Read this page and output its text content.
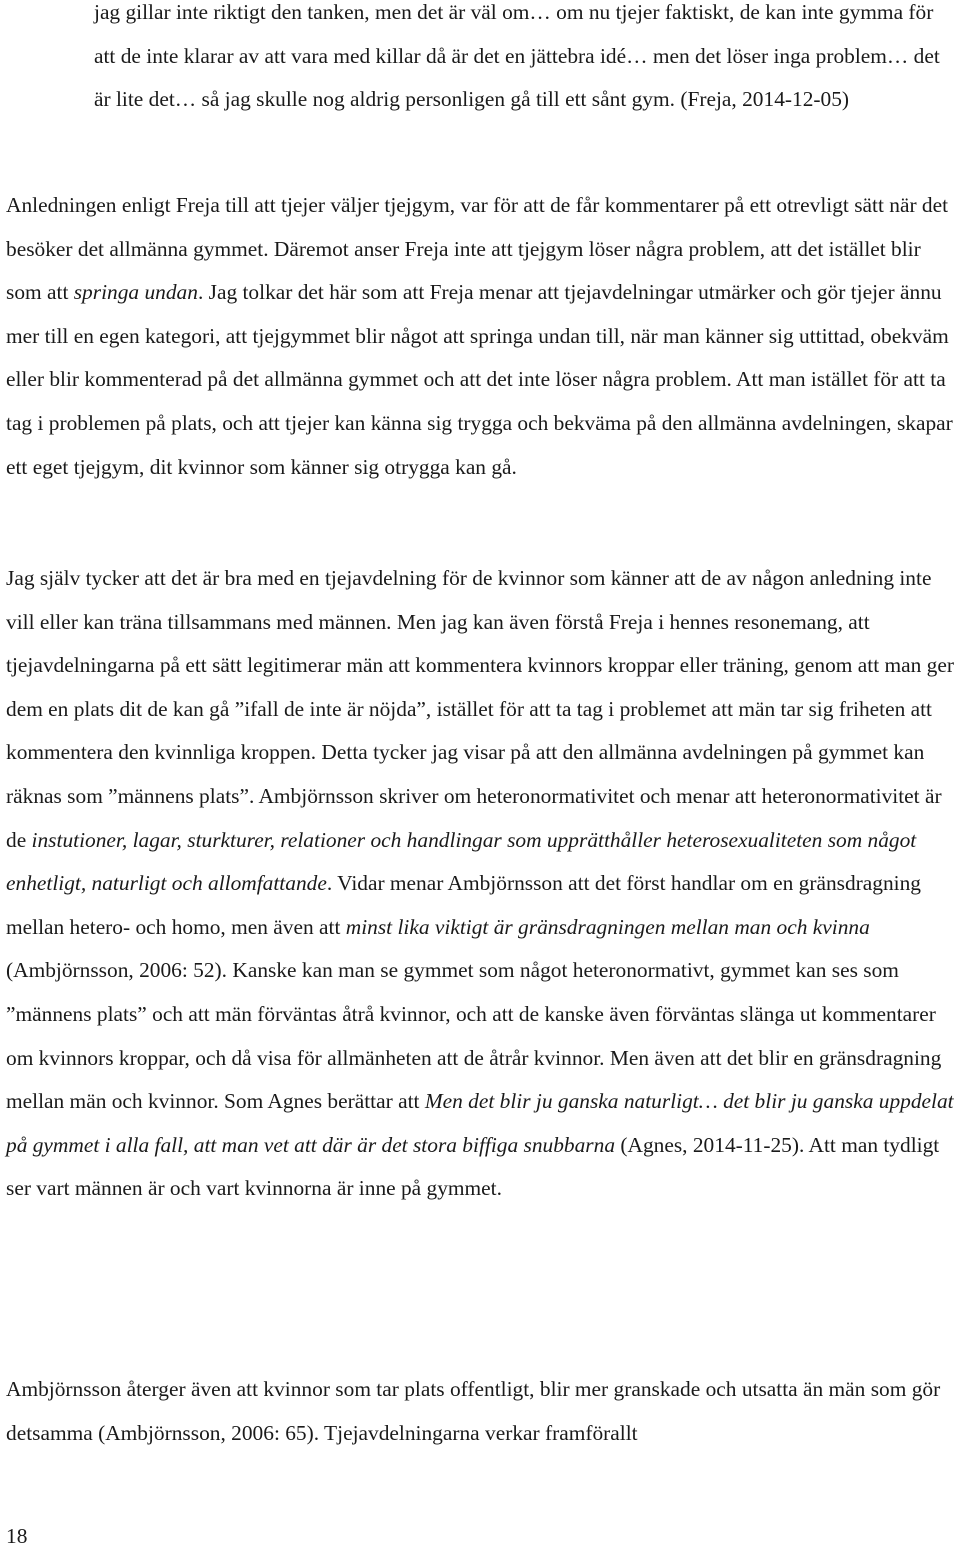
jag gillar inte riktigt den tanken, men det är väl om… om nu tjejer faktiskt, de kan inte gymma för att de inte klarar av att vara med killar då är det en jättebra idé… men det löser inga problem… det är lite det… så jag skulle nog aldrig personligen gå till ett sånt gym. (Freja, 2014-12-05)

Anledningen enligt Freja till att tjejer väljer tjejgym, var för att de får kommentarer på ett otrevligt sätt när det besöker det allmänna gymmet. Däremot anser Freja inte att tjejgym löser några problem, att det istället blir som att springa undan. Jag tolkar det här som att Freja menar att tjejavdelningar utmärker och gör tjejer ännu mer till en egen kategori, att tjejgymmet blir något att springa undan till, när man känner sig uttittad, obekväm eller blir kommenterad på det allmänna gymmet och att det inte löser några problem. Att man istället för att ta tag i problemen på plats, och att tjejer kan känna sig trygga och bekväma på den allmänna avdelningen, skapar ett eget tjejgym, dit kvinnor som känner sig otrygga kan gå.

Jag själv tycker att det är bra med en tjejavdelning för de kvinnor som känner att de av någon anledning inte vill eller kan träna tillsammans med männen. Men jag kan även förstå Freja i hennes resonemang, att tjejavdelningarna på ett sätt legitimerar män att kommentera kvinnors kroppar eller träning, genom att man ger dem en plats dit de kan gå ”ifall de inte är nöjda”, istället för att ta tag i problemet att män tar sig friheten att kommentera den kvinnliga kroppen. Detta tycker jag visar på att den allmänna avdelningen på gymmet kan räknas som ”männens plats”. Ambjörnsson skriver om heteronormativitet och menar att heteronormativitet är de instutioner, lagar, sturkturer, relationer och handlingar som upprätthåller heterosexualiteten som något enhetligt, naturligt och allomfattande. Vidar menar Ambjörnsson att det först handlar om en gränsdragning mellan hetero- och homo, men även att minst lika viktigt är gränsdragningen mellan man och kvinna (Ambjörnsson, 2006: 52). Kanske kan man se gymmet som något heteronormativt, gymmet kan ses som ”männens plats” och att män förväntas åtrå kvinnor, och att de kanske även förväntas slänga ut kommentarer om kvinnors kroppar, och då visa för allmänheten att de åtrår kvinnor. Men även att det blir en gränsdragning mellan män och kvinnor. Som Agnes berättar att Men det blir ju ganska naturligt… det blir ju ganska uppdelat på gymmet i alla fall, att man vet att där är det stora biffiga snubbarna (Agnes, 2014-11-25). Att man tydligt ser vart männen är och vart kvinnorna är inne på gymmet.

Ambjörnsson återger även att kvinnor som tar plats offentligt, blir mer granskade och utsatta än män som gör detsamma (Ambjörnsson, 2006: 65). Tjejavdelningarna verkar framförallt

18
